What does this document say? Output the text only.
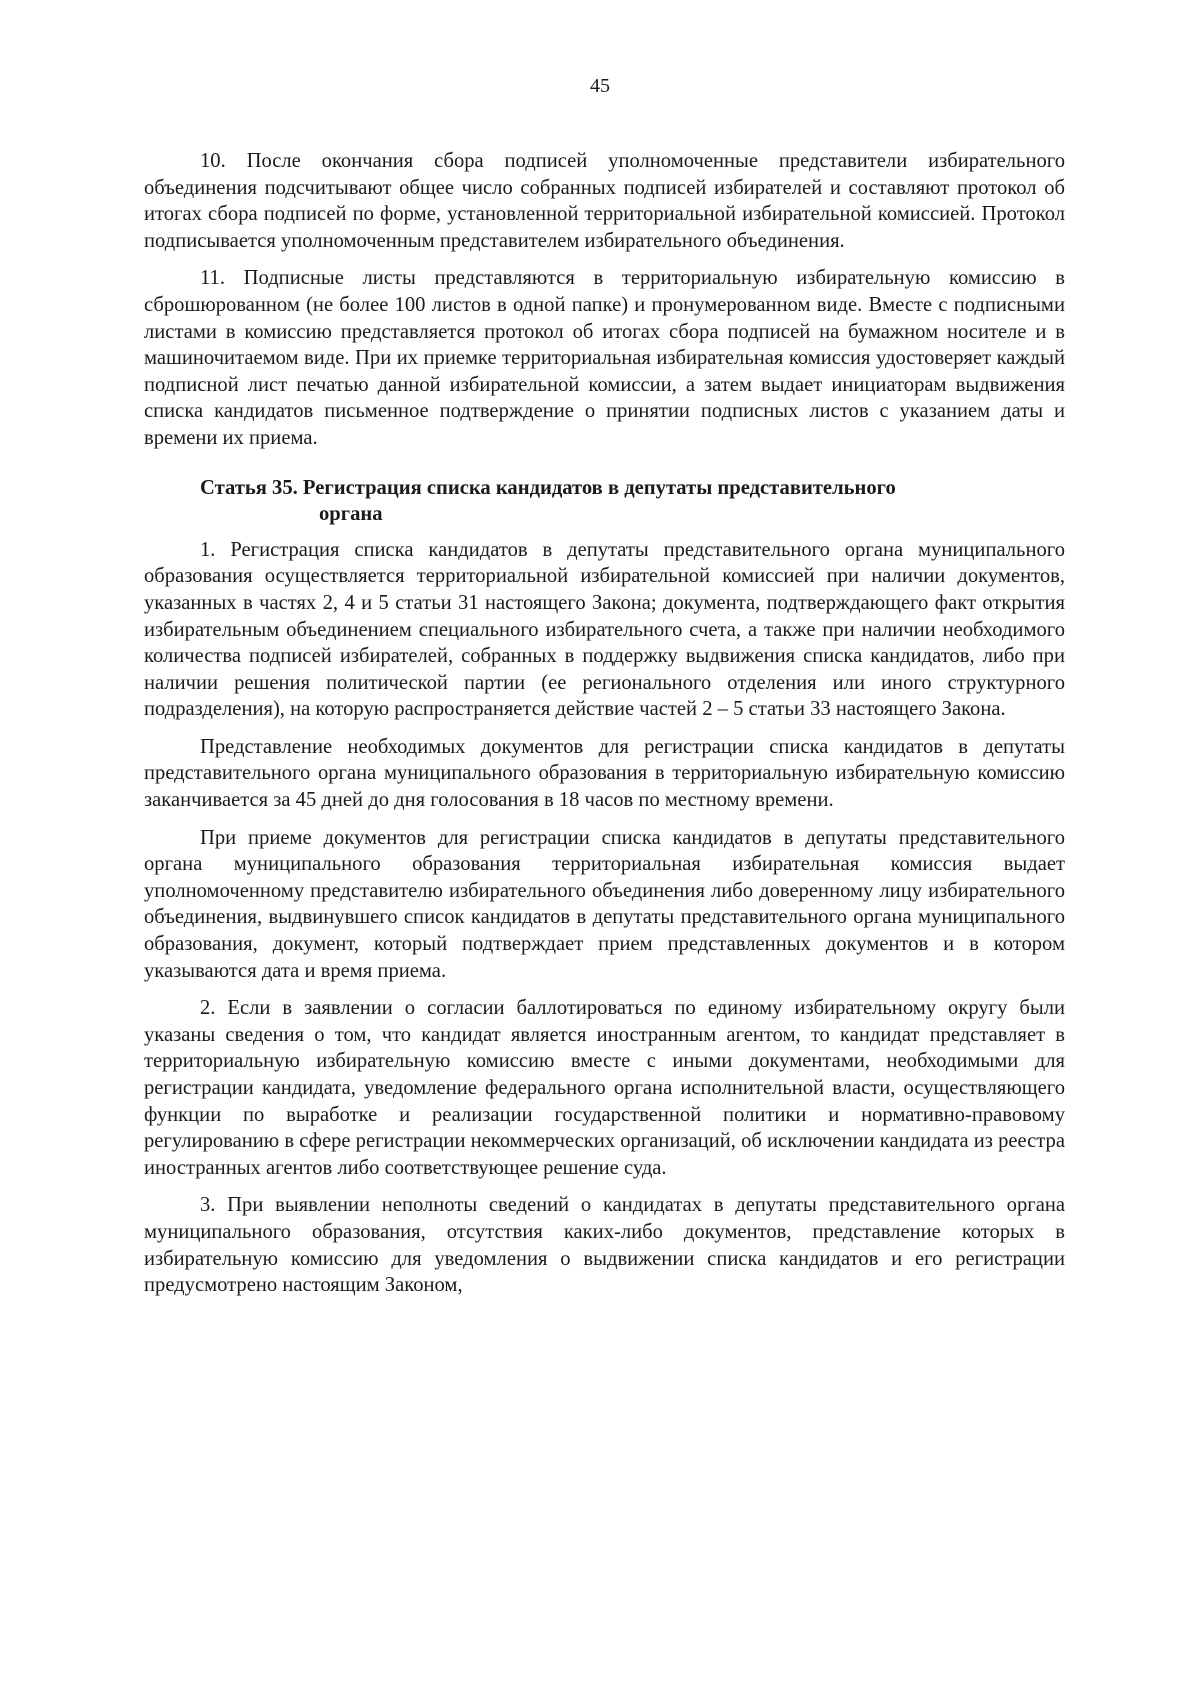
45

10. После окончания сбора подписей уполномоченные представители избирательного объединения подсчитывают общее число собранных подписей избирателей и составляют протокол об итогах сбора подписей по форме, установленной территориальной избирательной комиссией. Протокол подписывается уполномоченным представителем избирательного объединения.

11. Подписные листы представляются в территориальную избирательную комиссию в сброшюрованном (не более 100 листов в одной папке) и пронумерованном виде. Вместе с подписными листами в комиссию представляется протокол об итогах сбора подписей на бумажном носителе и в машиночитаемом виде. При их приемке территориальная избирательная комиссия удостоверяет каждый подписной лист печатью данной избирательной комиссии, а затем выдает инициаторам выдвижения списка кандидатов письменное подтверждение о принятии подписных листов с указанием даты и времени их приема.

Статья 35. Регистрация списка кандидатов в депутаты представительного
органа

1. Регистрация списка кандидатов в депутаты представительного органа муниципального образования осуществляется территориальной избирательной комиссией при наличии документов, указанных в частях 2, 4 и 5 статьи 31 настоящего Закона; документа, подтверждающего факт открытия избирательным объединением специального избирательного счета, а также при наличии необходимого количества подписей избирателей, собранных в поддержку выдвижения списка кандидатов, либо при наличии решения политической партии (ее регионального отделения или иного структурного подразделения), на которую распространяется действие частей 2 – 5 статьи 33 настоящего Закона.

Представление необходимых документов для регистрации списка кандидатов в депутаты представительного органа муниципального образования в территориальную избирательную комиссию заканчивается за 45 дней до дня голосования в 18 часов по местному времени.

При приеме документов для регистрации списка кандидатов в депутаты представительного органа муниципального образования территориальная избирательная комиссия выдает уполномоченному представителю избирательного объединения либо доверенному лицу избирательного объединения, выдвинувшего список кандидатов в депутаты представительного органа муниципального образования, документ, который подтверждает прием представленных документов и в котором указываются дата и время приема.

2. Если в заявлении о согласии баллотироваться по единому избирательному округу были указаны сведения о том, что кандидат является иностранным агентом, то кандидат представляет в территориальную избирательную комиссию вместе с иными документами, необходимыми для регистрации кандидата, уведомление федерального органа исполнительной власти, осуществляющего функции по выработке и реализации государственной политики и нормативно-правовому регулированию в сфере регистрации некоммерческих организаций, об исключении кандидата из реестра иностранных агентов либо соответствующее решение суда.

3. При выявлении неполноты сведений о кандидатах в депутаты представительного органа муниципального образования, отсутствия каких-либо документов, представление которых в избирательную комиссию для уведомления о выдвижении списка кандидатов и его регистрации предусмотрено настоящим Законом,
